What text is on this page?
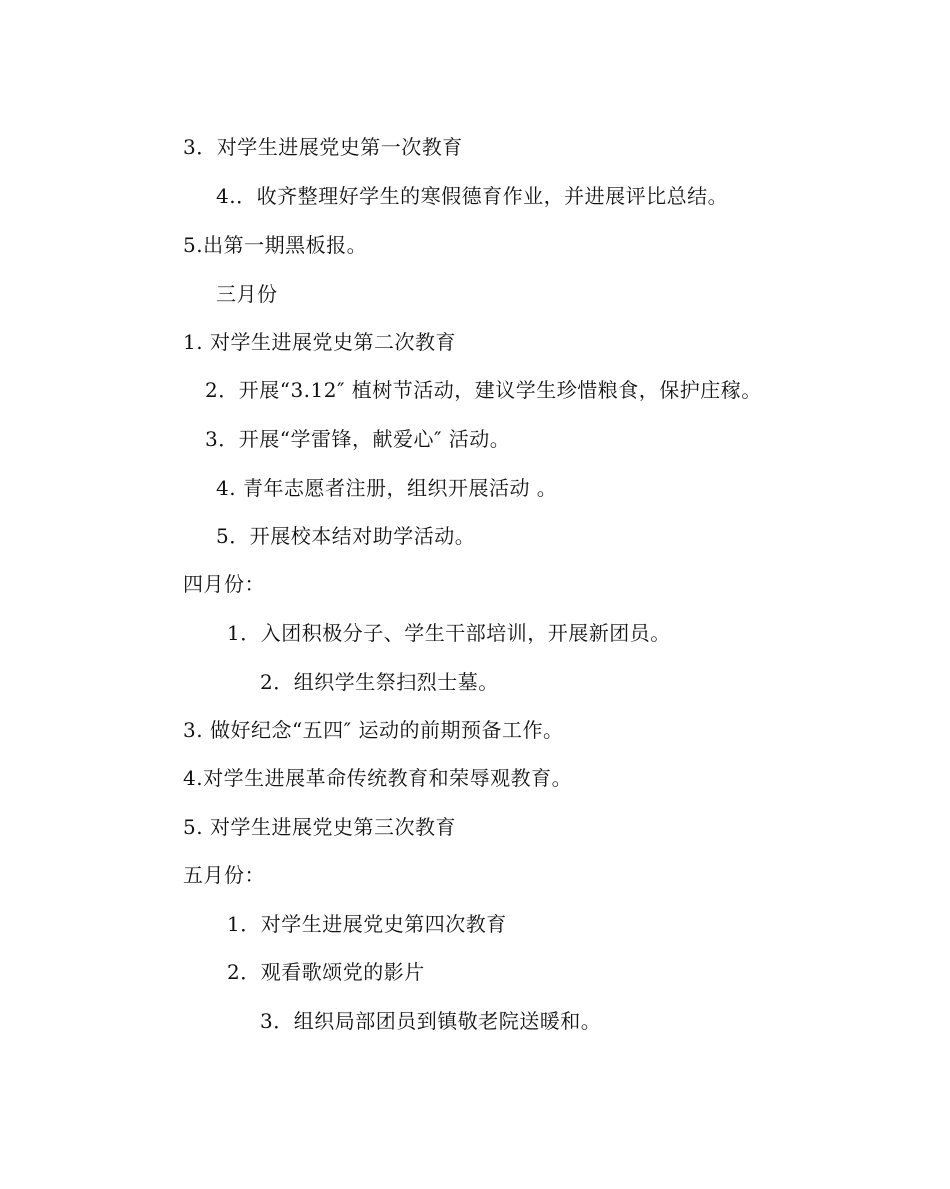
3．对学生进展党史第一次教育
4.．收齐整理好学生的寒假德育作业，并进展评比总结。
5.出第一期黑板报。
三月份
1. 对学生进展党史第二次教育
2．开展“3.12″ 植树节活动，建议学生珍惜粮食，保护庄稼。
3．开展“学雷锋，献爱心″ 活动。
4. 青年志愿者注册，组织开展活动 。
5．开展校本结对助学活动。
四月份：
1．入团积极分子、学生干部培训，开展新团员。
2．组织学生祭扫烈士墓。
3. 做好纪念“五四″ 运动的前期预备工作。
4.对学生进展革命传统教育和荣辱观教育。
5. 对学生进展党史第三次教育
五月份：
1．对学生进展党史第四次教育
2．观看歌颂党的影片
3．组织局部团员到镇敬老院送暖和。
